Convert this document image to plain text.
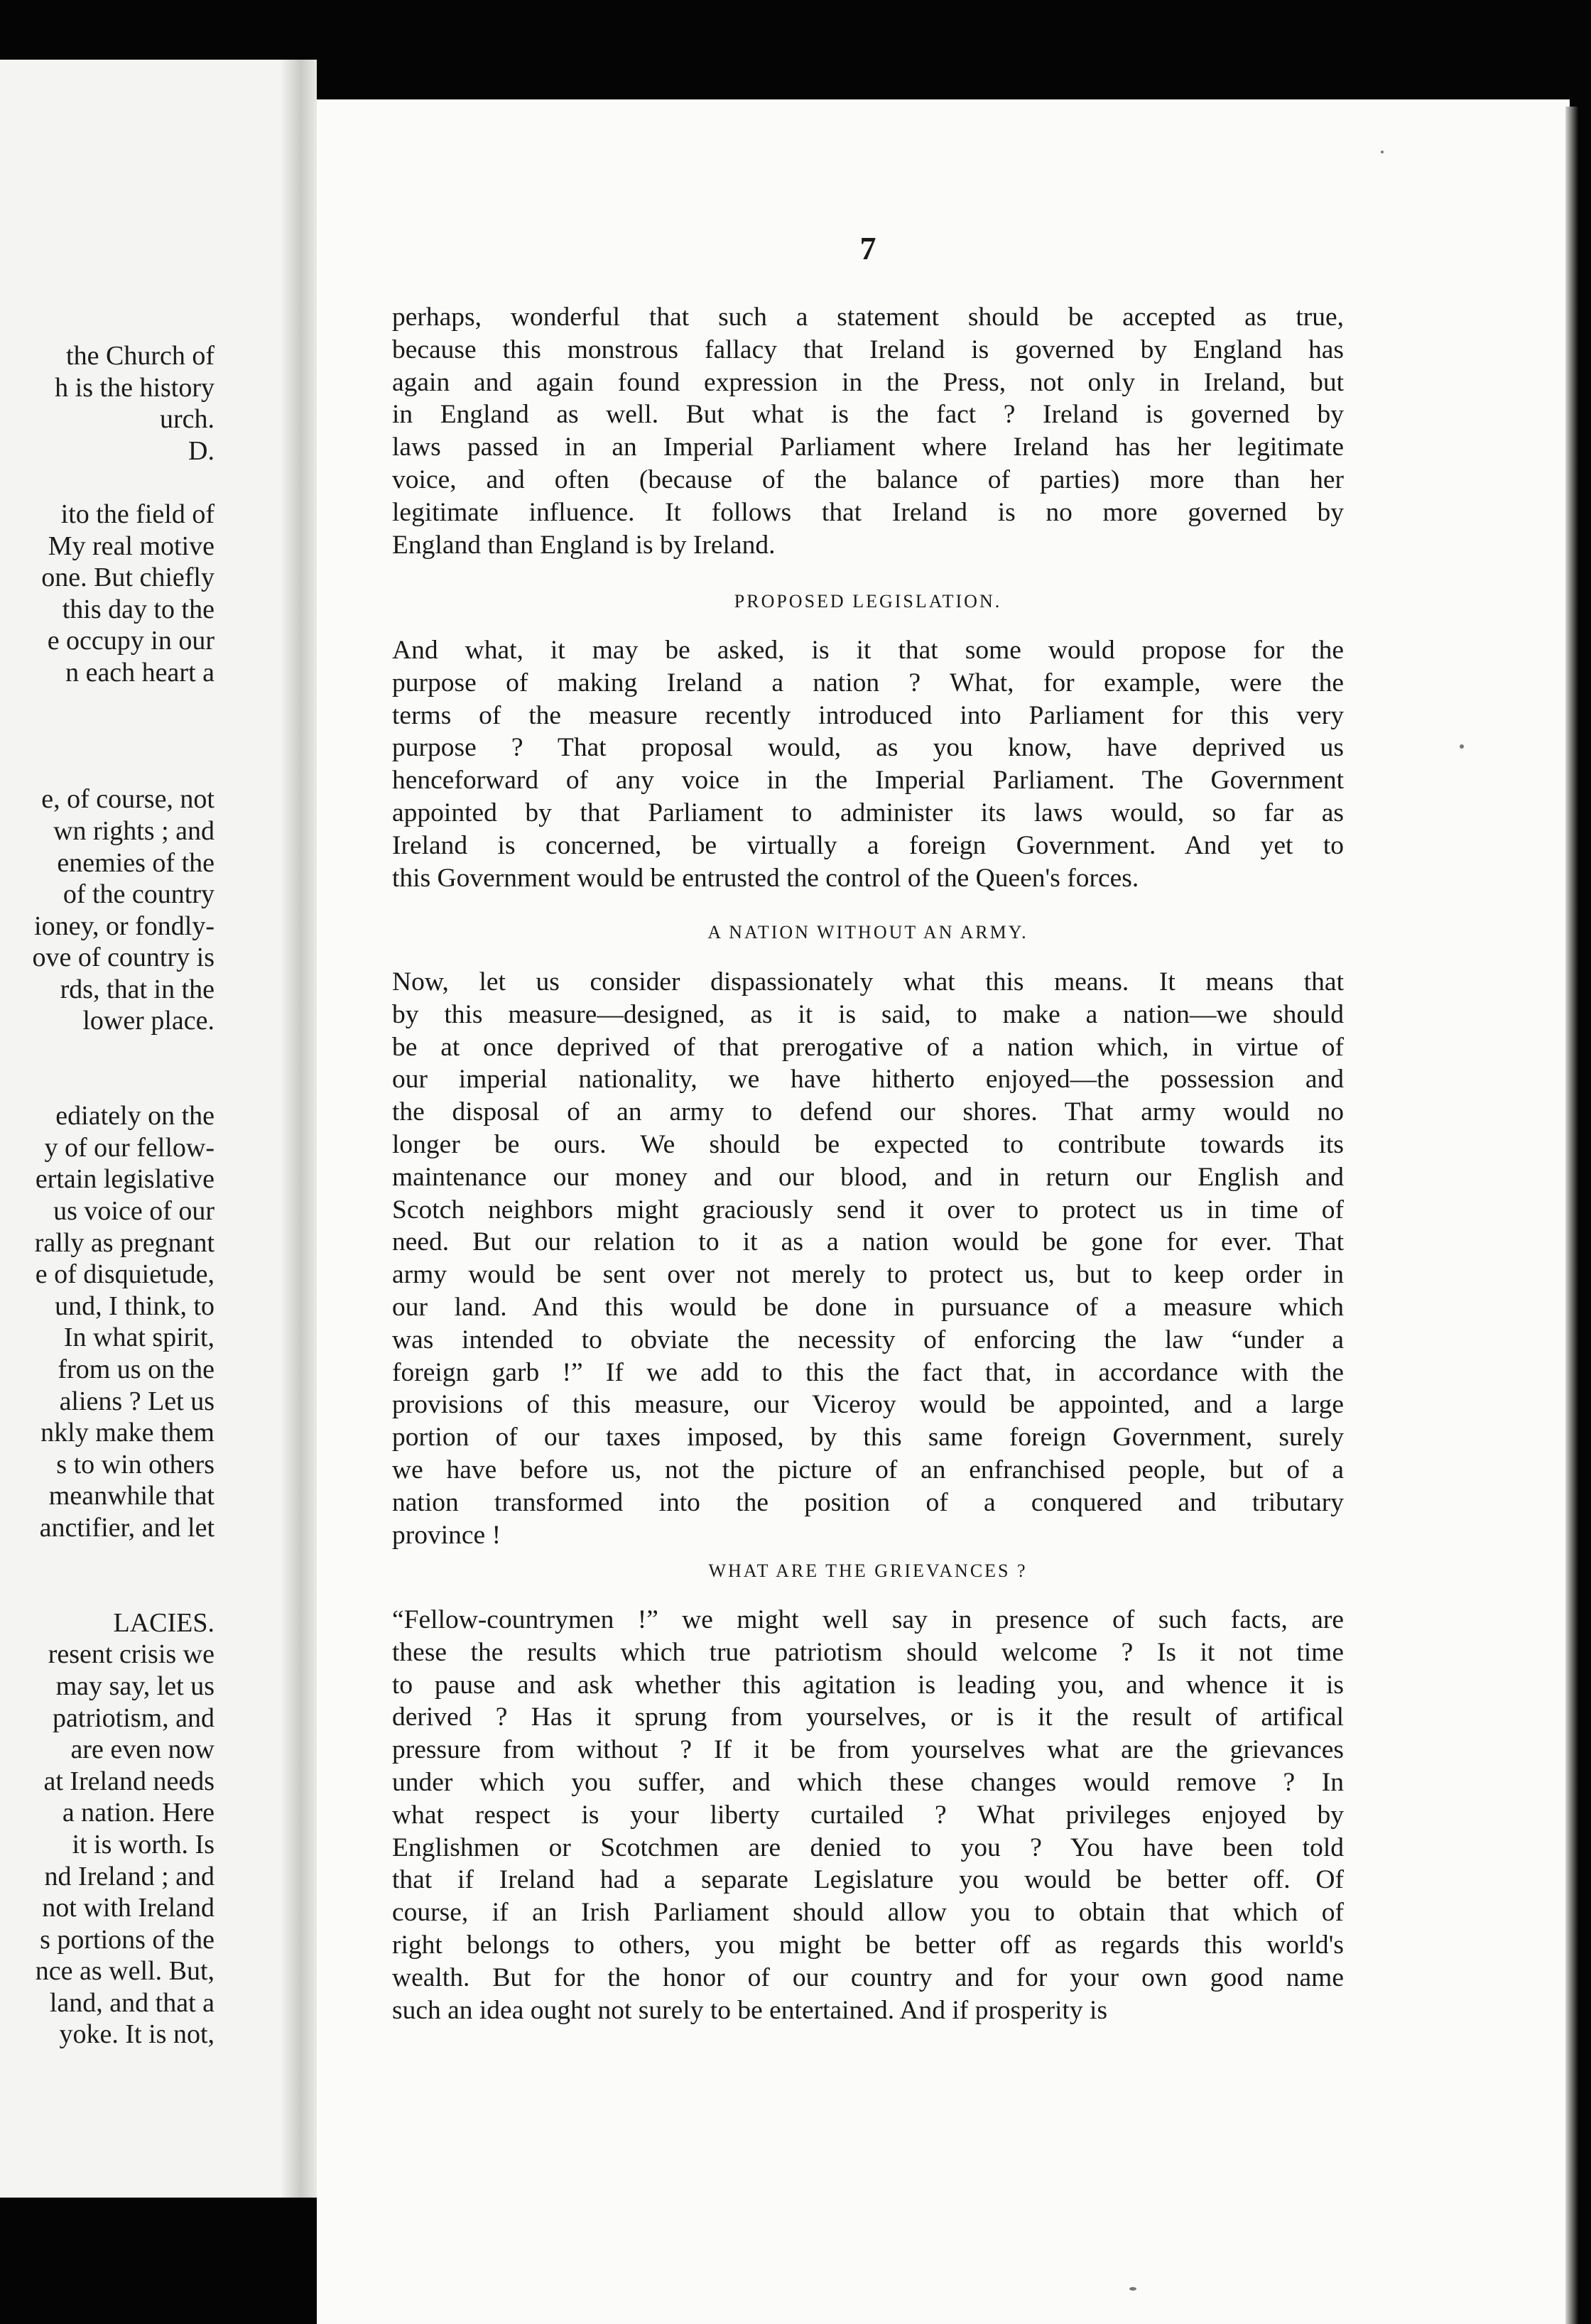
the Church of
h is the history
urch.
D.
ito the field of
My real motive
one. But chiefly
this day to the
e occupy in our
n each heart a
e, of course, not
wn rights ; and
enemies of the
of the country
ioney, or fondly-
ove of country is
rds, that in the
lower place.
ediately on the
y of our fellow-
ertain legislative
us voice of our
rally as pregnant
e of disquietude,
und, I think, to
In what spirit,
from us on the
aliens ? Let us
nkly make them
s to win others
meanwhile that
anctifier, and let
LACIES.
resent crisis we
may say, let us
patriotism, and
are even now
at Ireland needs
a nation. Here
it is worth. Is
nd Ireland ; and
not with Ireland
s portions of the
nce as well. But,
land, and that a
yoke. It is not,
7
perhaps, wonderful that such a statement should be accepted as true,
because this monstrous fallacy that Ireland is governed by England has
again and again found expression in the Press, not only in Ireland, but
in England as well. But what is the fact ? Ireland is governed by
laws passed in an Imperial Parliament where Ireland has her legitimate
voice, and often (because of the balance of parties) more than her
legitimate influence. It follows that Ireland is no more governed by
England than England is by Ireland.
PROPOSED LEGISLATION.
And what, it may be asked, is it that some would propose for the
purpose of making Ireland a nation ? What, for example, were the
terms of the measure recently introduced into Parliament for this very
purpose ? That proposal would, as you know, have deprived us
henceforward of any voice in the Imperial Parliament. The Government
appointed by that Parliament to administer its laws would, so far as
Ireland is concerned, be virtually a foreign Government. And yet to
this Government would be entrusted the control of the Queen's forces.
A NATION WITHOUT AN ARMY.
Now, let us consider dispassionately what this means. It means that
by this measure—designed, as it is said, to make a nation—we should
be at once deprived of that prerogative of a nation which, in virtue of
our imperial nationality, we have hitherto enjoyed—the possession and
the disposal of an army to defend our shores. That army would no
longer be ours. We should be expected to contribute towards its
maintenance our money and our blood, and in return our English and
Scotch neighbors might graciously send it over to protect us in time of
need. But our relation to it as a nation would be gone for ever. That
army would be sent over not merely to protect us, but to keep order in
our land. And this would be done in pursuance of a measure which
was intended to obviate the necessity of enforcing the law “under a
foreign garb !” If we add to this the fact that, in accordance with the
provisions of this measure, our Viceroy would be appointed, and a large
portion of our taxes imposed, by this same foreign Government, surely
we have before us, not the picture of an enfranchised people, but of a
nation transformed into the position of a conquered and tributary
province !
WHAT ARE THE GRIEVANCES ?
“Fellow-countrymen !” we might well say in presence of such facts, are
these the results which true patriotism should welcome ? Is it not time
to pause and ask whether this agitation is leading you, and whence it is
derived ? Has it sprung from yourselves, or is it the result of artifical
pressure from without ? If it be from yourselves what are the grievances
under which you suffer, and which these changes would remove ? In
what respect is your liberty curtailed ? What privileges enjoyed by
Englishmen or Scotchmen are denied to you ? You have been told
that if Ireland had a separate Legislature you would be better off. Of
course, if an Irish Parliament should allow you to obtain that which of
right belongs to others, you might be better off as regards this world's
wealth. But for the honor of our country and for your own good name
such an idea ought not surely to be entertained. And if prosperity is
